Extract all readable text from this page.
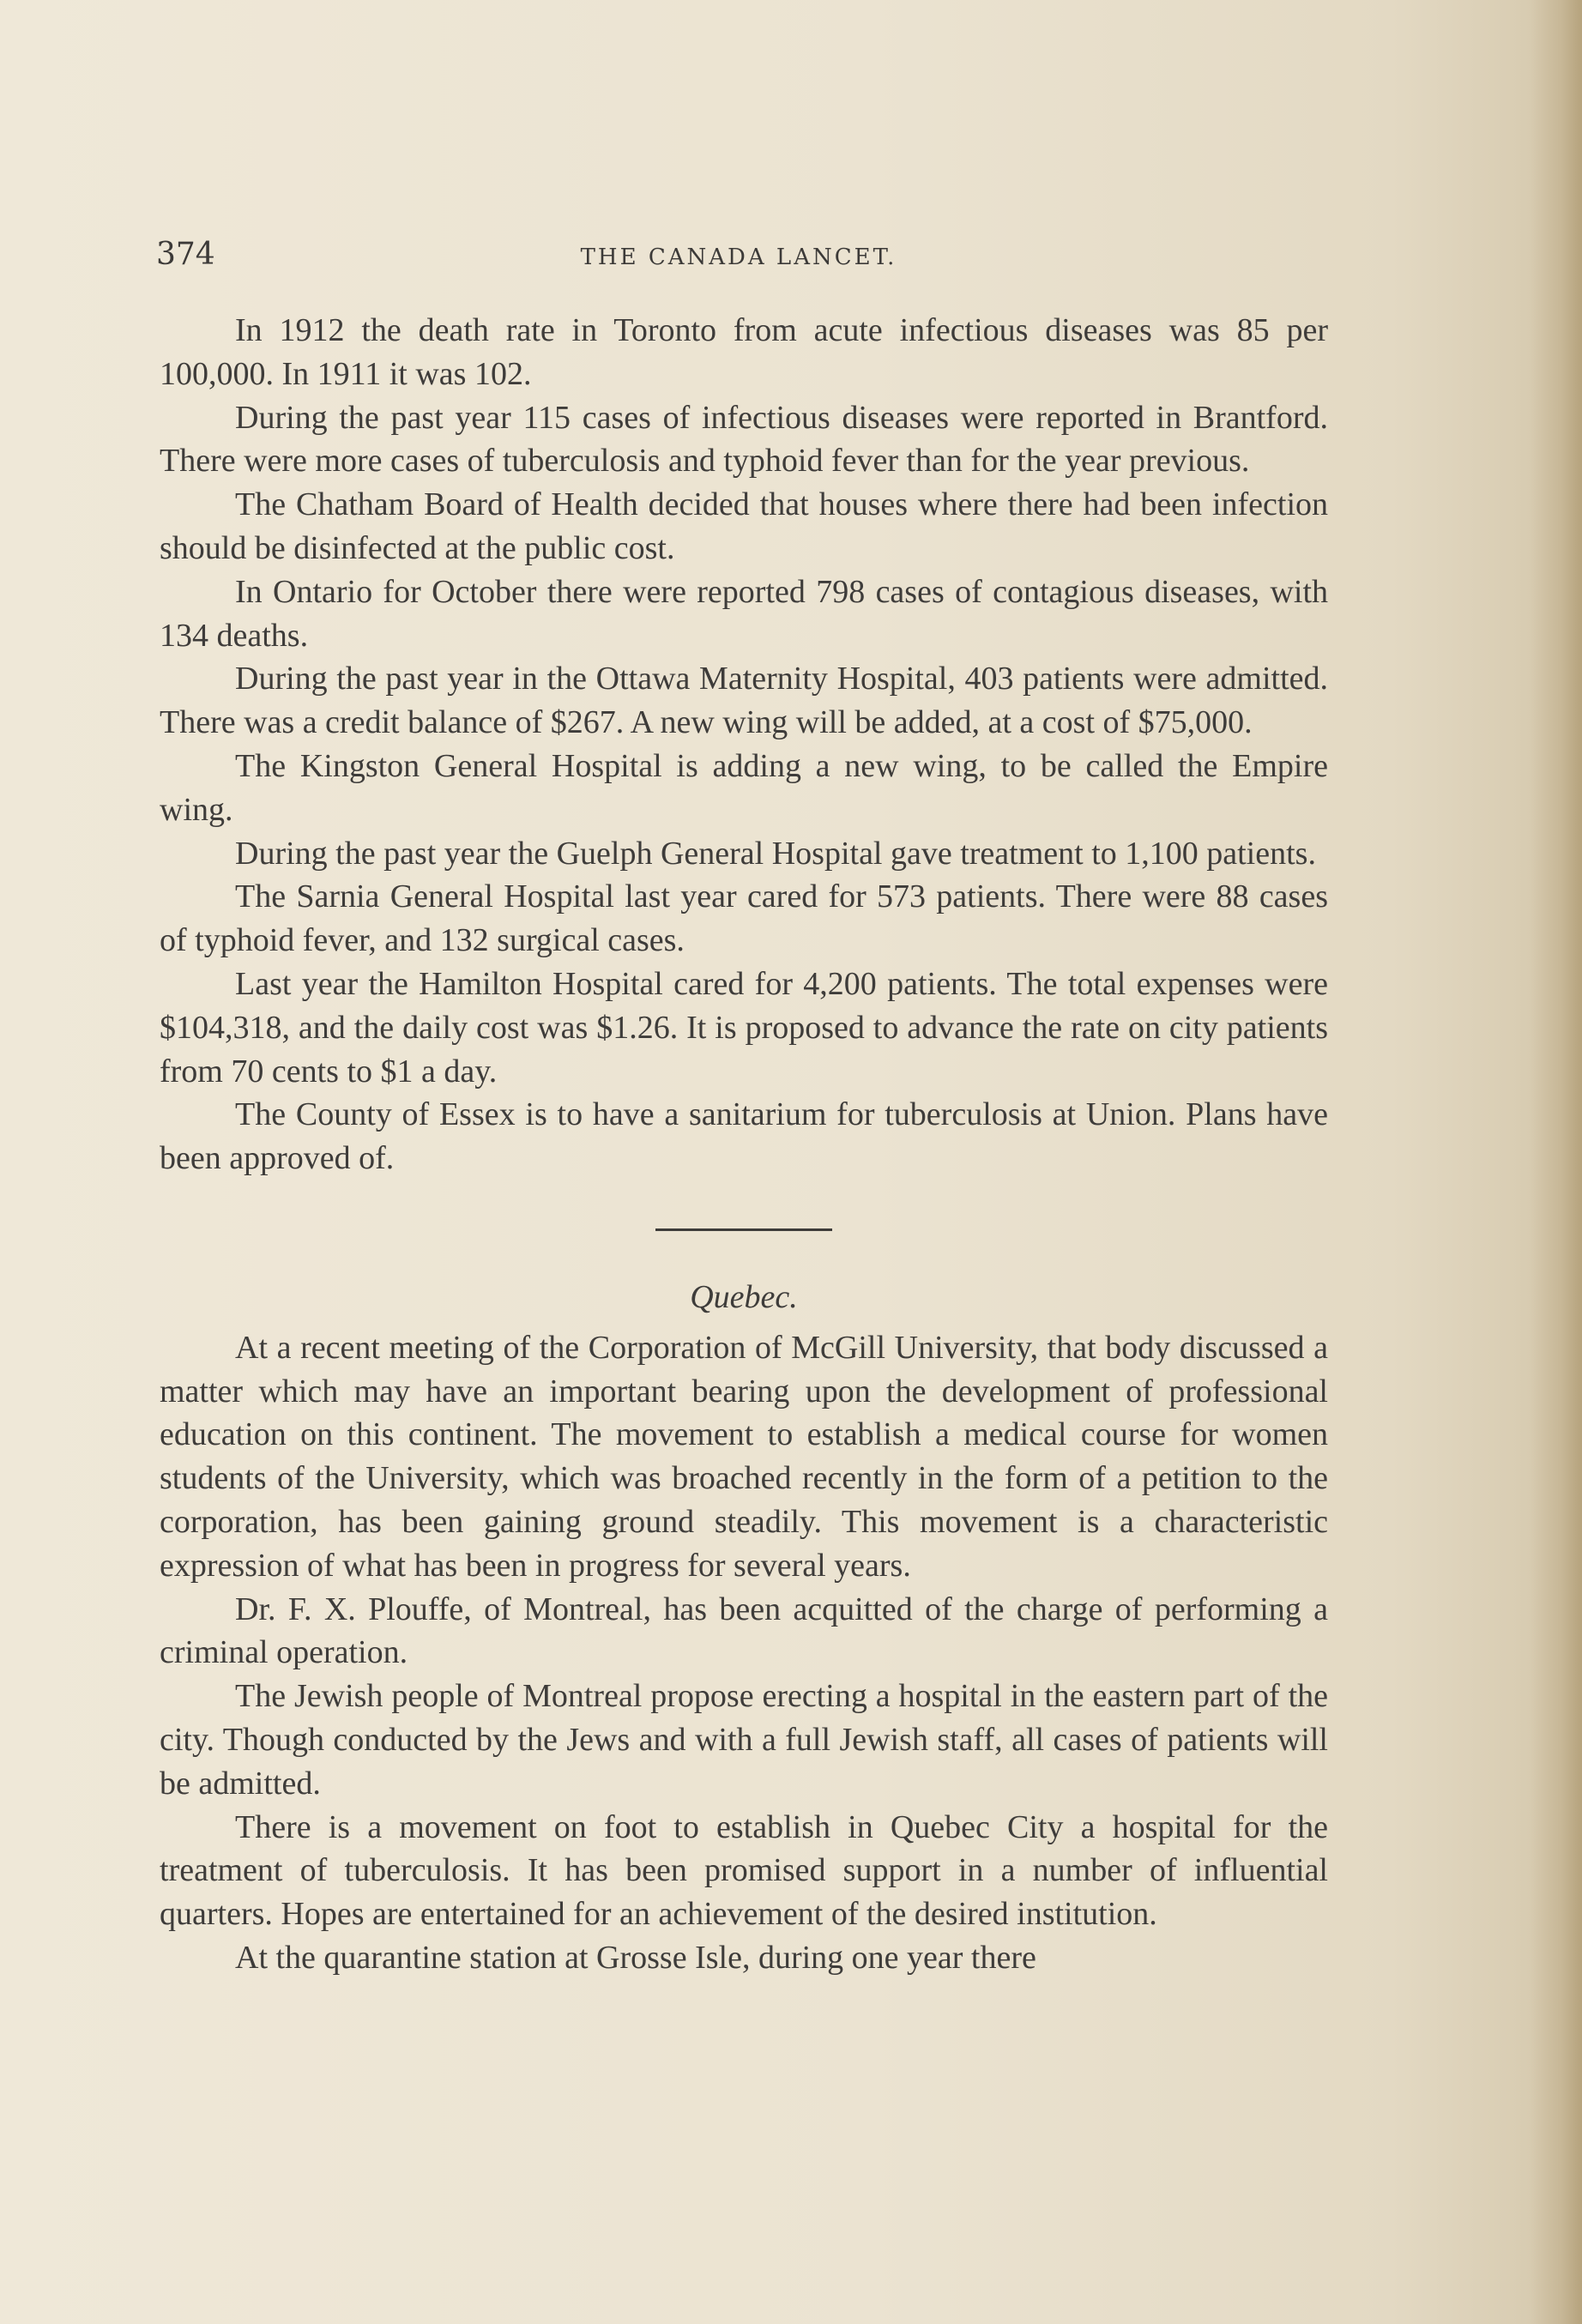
374	THE CANADA LANCET.

In 1912 the death rate in Toronto from acute infectious diseases was 85 per 100,000. In 1911 it was 102.

During the past year 115 cases of infectious diseases were reported in Brantford. There were more cases of tuberculosis and typhoid fever than for the year previous.

The Chatham Board of Health decided that houses where there had been infection should be disinfected at the public cost.

In Ontario for October there were reported 798 cases of contagious diseases, with 134 deaths.

During the past year in the Ottawa Maternity Hospital, 403 patients were admitted. There was a credit balance of $267. A new wing will be added, at a cost of $75,000.

The Kingston General Hospital is adding a new wing, to be called the Empire wing.

During the past year the Guelph General Hospital gave treatment to 1,100 patients.

The Sarnia General Hospital last year cared for 573 patients. There were 88 cases of typhoid fever, and 132 surgical cases.

Last year the Hamilton Hospital cared for 4,200 patients. The total expenses were $104,318, and the daily cost was $1.26. It is proposed to advance the rate on city patients from 70 cents to $1 a day.

The County of Essex is to have a sanitarium for tuberculosis at Union. Plans have been approved of.

Quebec.

At a recent meeting of the Corporation of McGill University, that body discussed a matter which may have an important bearing upon the development of professional education on this continent. The movement to establish a medical course for women students of the University, which was broached recently in the form of a petition to the corporation, has been gaining ground steadily. This movement is a characteristic expression of what has been in progress for several years.

Dr. F. X. Plouffe, of Montreal, has been acquitted of the charge of performing a criminal operation.

The Jewish people of Montreal propose erecting a hospital in the eastern part of the city. Though conducted by the Jews and with a full Jewish staff, all cases of patients will be admitted.

There is a movement on foot to establish in Quebec City a hospital for the treatment of tuberculosis. It has been promised support in a number of influential quarters. Hopes are entertained for an achievement of the desired institution.

At the quarantine station at Grosse Isle, during one year there
